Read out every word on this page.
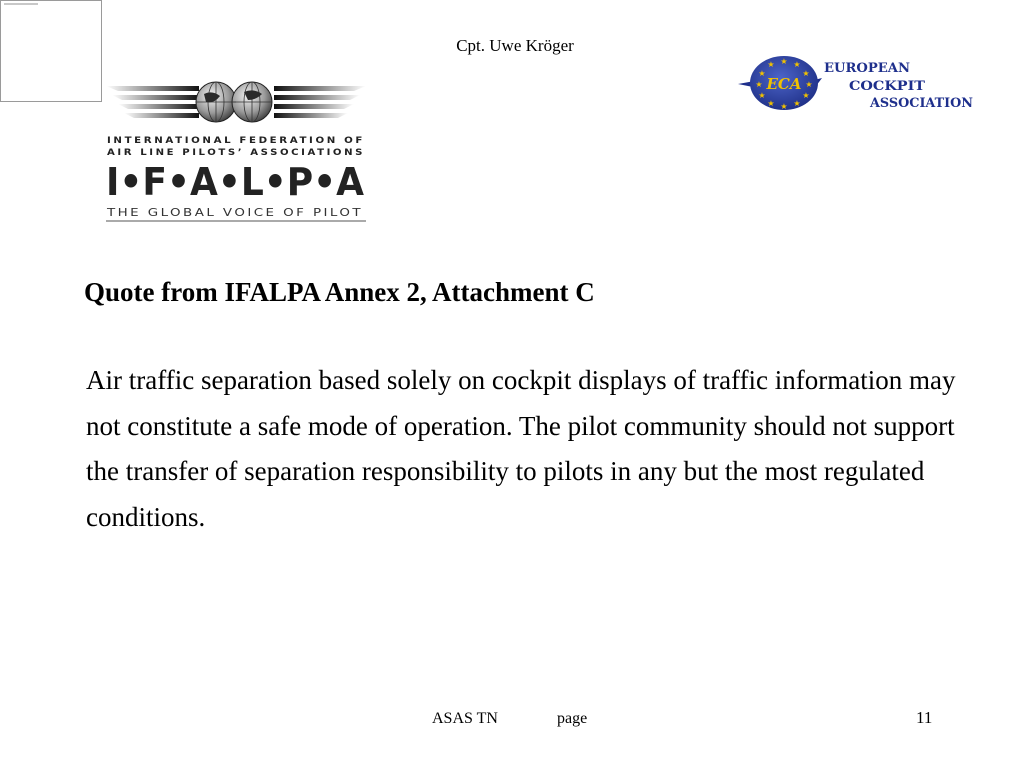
Cpt. Uwe Kröger
INTERNATIONAL FEDERATION OF
AIR LINE PILOTS’ ASSOCIATIONS
I•F•A•L•P•A
THE GLOBAL VOICE OF PILOT
★ ★
★
★
★
★
★
★
★
★
★
★
ECA
EUROPEAN
COCKPIT
ASSOCIATION
Quote from IFALPA Annex 2, Attachment C
Air traffic separation based solely on cockpit displays of traffic information may not constitute a safe mode of operation. The pilot community should not support the transfer of separation responsibility to pilots in any but the most regulated conditions.
ASAS TN	page	11
